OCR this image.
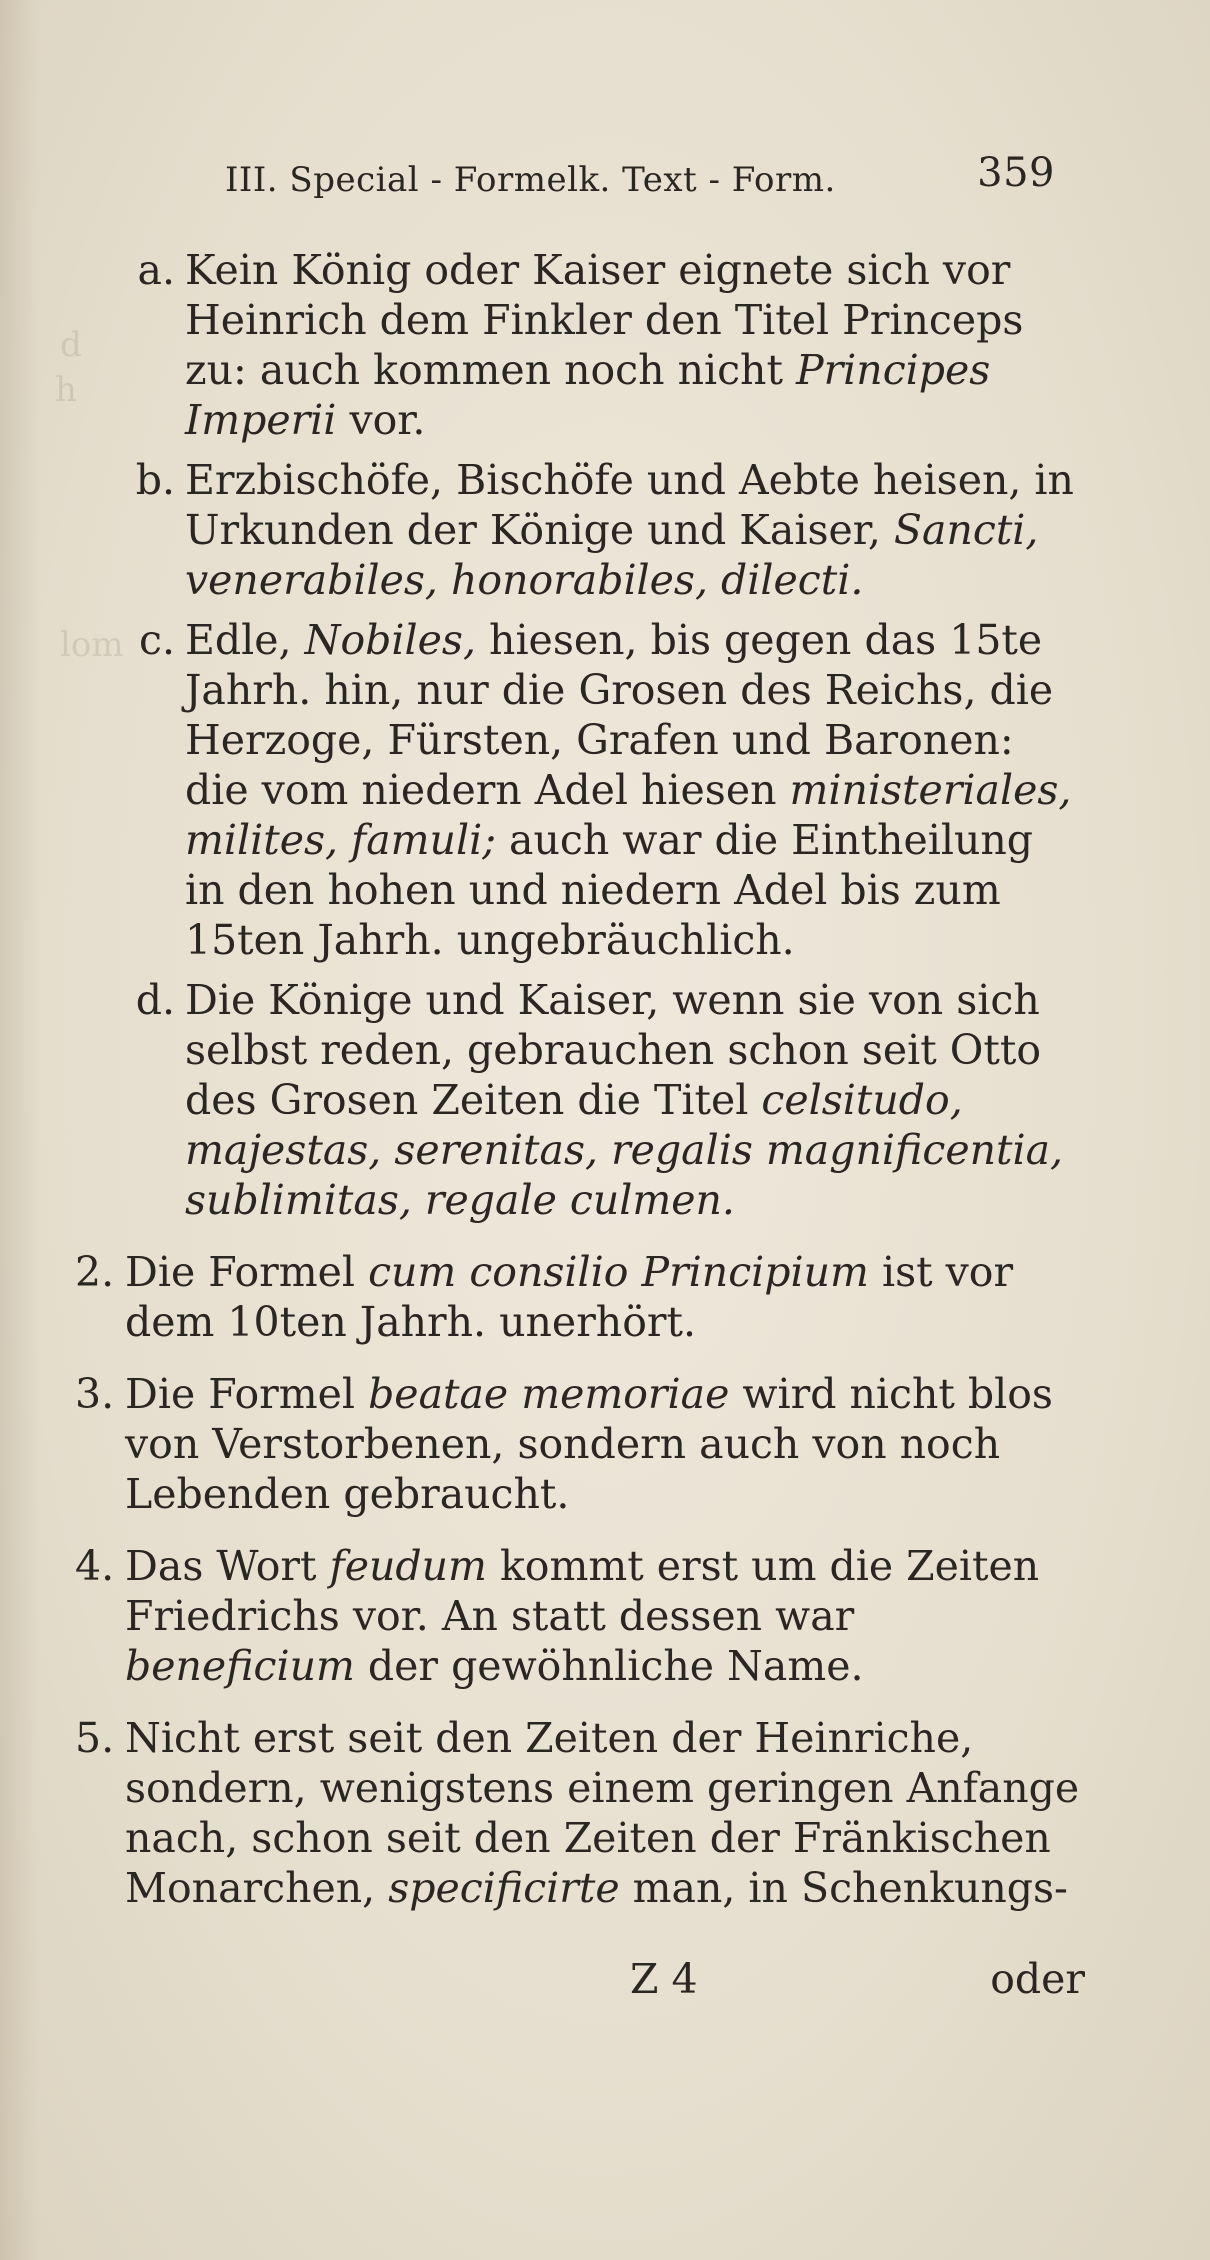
d
h
lom
III. Special - Formelk. Text - Form.	359
a. Kein König oder Kaiser eignete sich vor Heinrich dem Finkler den Titel Princeps zu: auch kommen noch nicht Principes Imperii vor.
b. Erzbischöfe, Bischöfe und Aebte heisen, in Urkunden der Könige und Kaiser, Sancti, venerabiles, honorabiles, dilecti.
c. Edle, Nobiles, hiesen, bis gegen das 15te Jahrh. hin, nur die Grosen des Reichs, die Herzoge, Fürsten, Grafen und Baronen: die vom niedern Adel hiesen ministeriales, milites, famuli; auch war die Eintheilung in den hohen und niedern Adel bis zum 15ten Jahrh. ungebräuchlich.
d. Die Könige und Kaiser, wenn sie von sich selbst reden, gebrauchen schon seit Otto des Grosen Zeiten die Titel celsitudo, majestas, serenitas, regalis magnificentia, sublimitas, regale culmen.
2. Die Formel cum consilio Principium ist vor dem 10ten Jahrh. unerhört.
3. Die Formel beatae memoriae wird nicht blos von Verstorbenen, sondern auch von noch Lebenden gebraucht.
4. Das Wort feudum kommt erst um die Zeiten Friedrichs vor. An statt dessen war beneficium der gewöhnliche Name.
5. Nicht erst seit den Zeiten der Heinriche, sondern, wenigstens einem geringen Anfange nach, schon seit den Zeiten der Fränkischen Monarchen, specificirte man, in Schenkungs-
Z 4	oder
